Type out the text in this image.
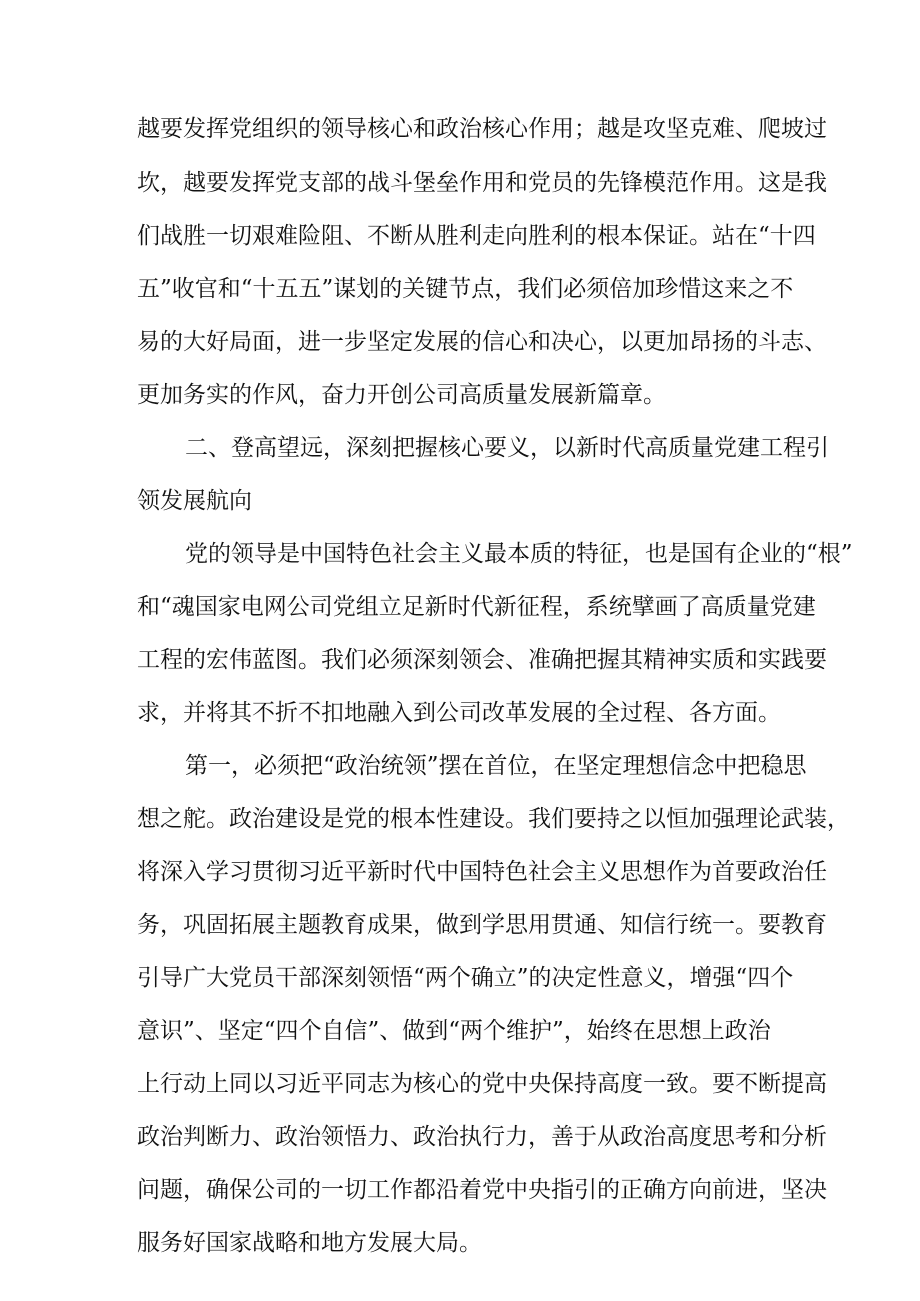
越要发挥党组织的领导核心和政治核心作用；越是攻坚克难、爬坡过
坎，越要发挥党支部的战斗堡垒作用和党员的先锋模范作用。这是我
们战胜一切艰难险阻、不断从胜利走向胜利的根本保证。站在“十四
五”收官和“十五五”谋划的关键节点，我们必须倍加珍惜这来之不
易的大好局面，进一步坚定发展的信心和决心，以更加昂扬的斗志、
更加务实的作风，奋力开创公司高质量发展新篇章。
二、登高望远，深刻把握核心要义，以新时代高质量党建工程引
领发展航向
党的领导是中国特色社会主义最本质的特征，也是国有企业的“根”
和“魂国家电网公司党组立足新时代新征程，系统擘画了高质量党建
工程的宏伟蓝图。我们必须深刻领会、准确把握其精神实质和实践要
求，并将其不折不扣地融入到公司改革发展的全过程、各方面。
第一，必须把“政治统领”摆在首位，在坚定理想信念中把稳思
想之舵。政治建设是党的根本性建设。我们要持之以恒加强理论武装，
将深入学习贯彻习近平新时代中国特色社会主义思想作为首要政治任
务，巩固拓展主题教育成果，做到学思用贯通、知信行统一。要教育
引导广大党员干部深刻领悟“两个确立”的决定性意义，增强“四个
意识”、坚定“四个自信”、做到“两个维护”，始终在思想上政治
上行动上同以习近平同志为核心的党中央保持高度一致。要不断提高
政治判断力、政治领悟力、政治执行力，善于从政治高度思考和分析
问题，确保公司的一切工作都沿着党中央指引的正确方向前进，坚决
服务好国家战略和地方发展大局。
